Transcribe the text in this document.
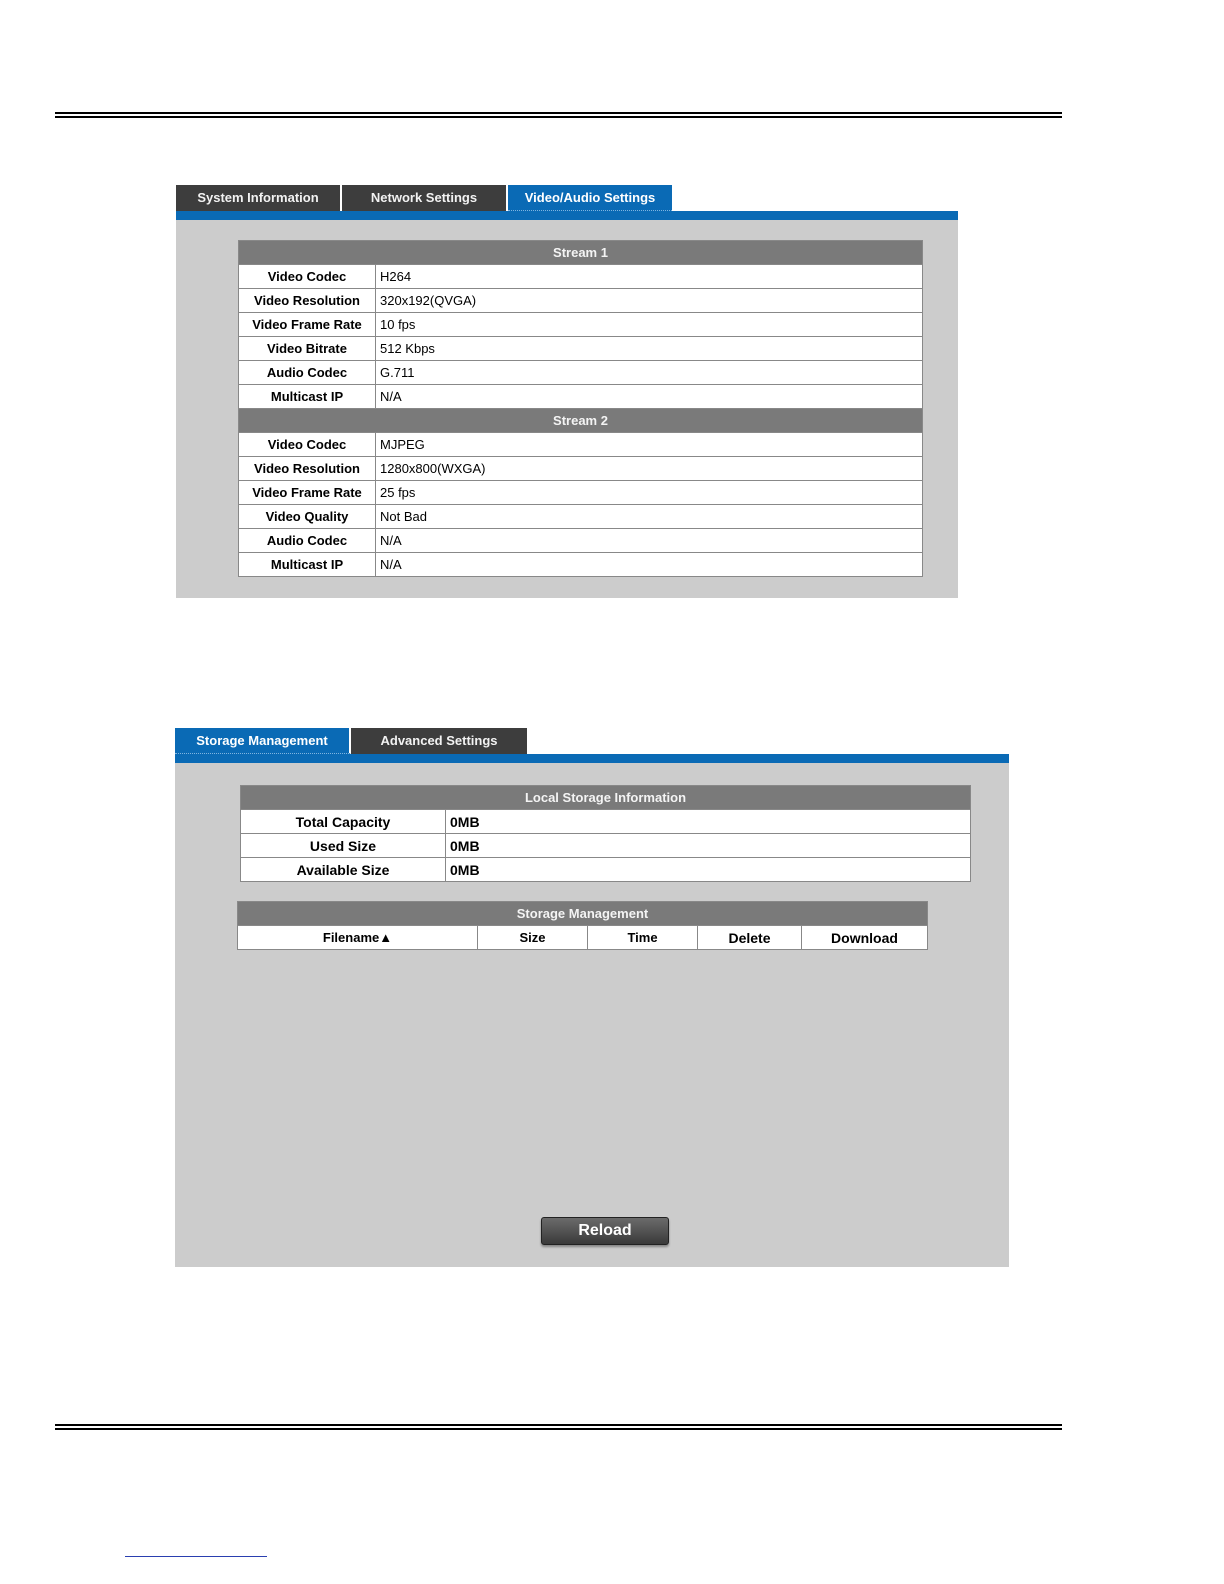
System Information	Network Settings	Video/Audio Settings
Stream 1	
Video Codec	H264
Video Resolution	320x192(QVGA)
Video Frame Rate	10 fps
Video Bitrate	512 Kbps
Audio Codec	G.711
Multicast IP	N/A
Stream 2	
Video Codec	MJPEG
Video Resolution	1280x800(WXGA)
Video Frame Rate	25 fps
Video Quality	Not Bad
Audio Codec	N/A
Multicast IP	N/A
Storage Management	Advanced Settings
Local Storage Information	
Total Capacity	0MB
Used Size	0MB
Available Size	0MB
Storage Management
Filename▲	Size	Time	Delete	Download
Reload
